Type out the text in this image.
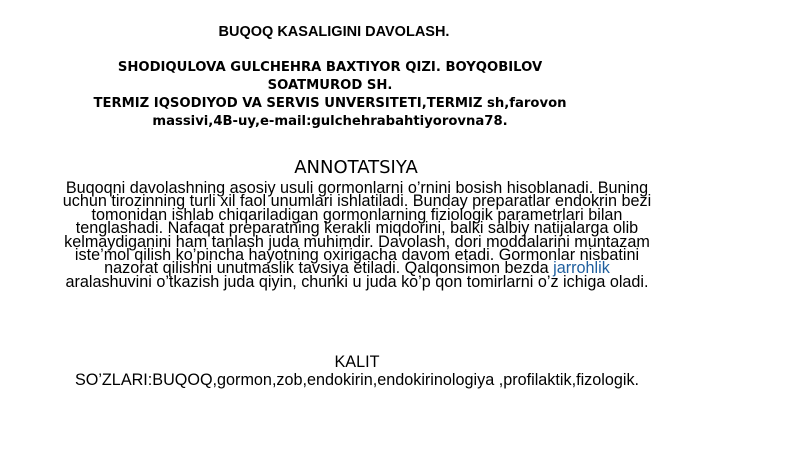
BUQOQ KASALIGINI DAVOLASH.
SHODIQULOVA GULCHEHRA BAXTIYOR QIZI. BOYQOBILOV
SOATMUROD SH.
TERMIZ IQSODIYOD VA SERVIS UNVERSITETI,TERMIZ sh,farovon
massivi,4B-uy,e-mail:gulchehrabahtiyorovna78.
ANNOTATSIYA
Buqoqni davolashning asosiy usuli gormonlarni o’rnini bosish hisoblanadi. Buning uchun tirozinning turli xil faol unumlari ishlatiladi. Bunday preparatlar endokrin bezi tomonidan ishlab chiqariladigan gormonlarning fiziologik parametrlari bilan tenglashadi. Nafaqat preparatning kerakli miqdorini, balki salbiy natijalarga olib kelmaydiganini ham tanlash juda muhimdir. Davolash, dori moddalarini muntazam iste’mol qilish ko’pincha hayotning oxirigacha davom etadi. Gormonlar nisbatini nazorat qilishni unutmaslik tavsiya etiladi. Qalqonsimon bezda jarrohlik aralashuvini o’tkazish juda qiyin, chunki u juda ko’p qon tomirlarni o’z ichiga oladi.
KALIT
SO’ZLARI:BUQOQ,gormon,zob,endokirin,endokirinologiya ,profilaktik,fizologik.
